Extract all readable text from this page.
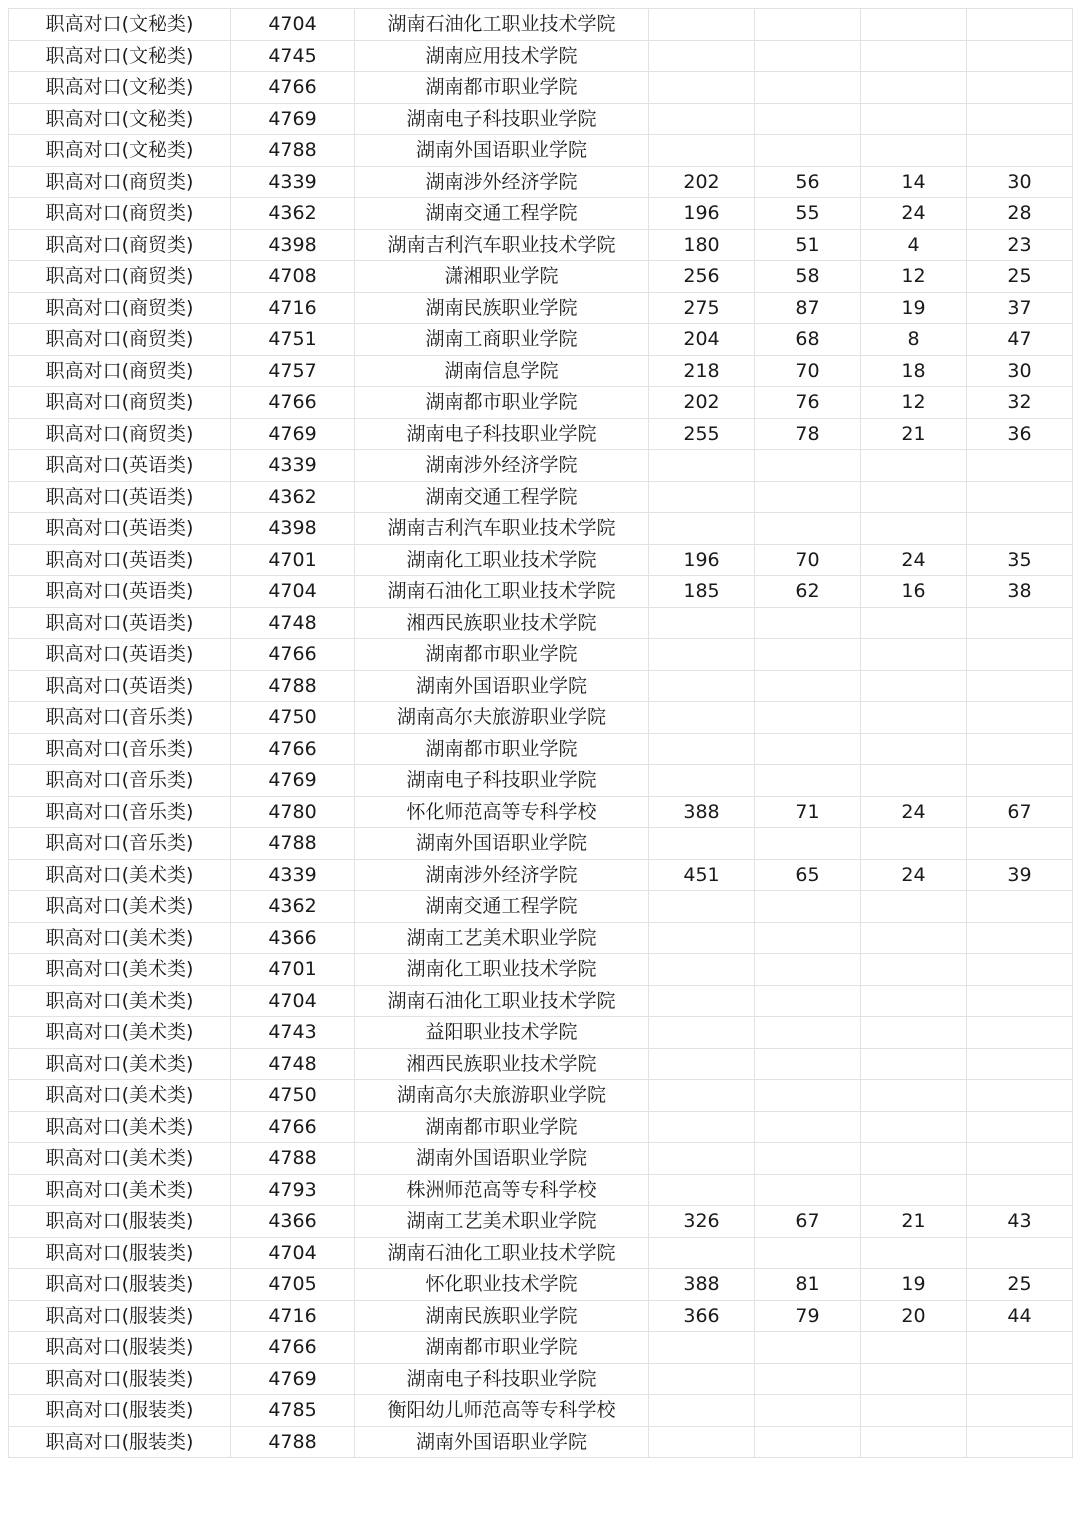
职高对口(文秘类)	4704	湖南石油化工职业技术学院				
职高对口(文秘类)	4745	湖南应用技术学院				
职高对口(文秘类)	4766	湖南都市职业学院				
职高对口(文秘类)	4769	湖南电子科技职业学院				
职高对口(文秘类)	4788	湖南外国语职业学院				
职高对口(商贸类)	4339	湖南涉外经济学院	202	56	14	30
职高对口(商贸类)	4362	湖南交通工程学院	196	55	24	28
职高对口(商贸类)	4398	湖南吉利汽车职业技术学院	180	51	4	23
职高对口(商贸类)	4708	潇湘职业学院	256	58	12	25
职高对口(商贸类)	4716	湖南民族职业学院	275	87	19	37
职高对口(商贸类)	4751	湖南工商职业学院	204	68	8	47
职高对口(商贸类)	4757	湖南信息学院	218	70	18	30
职高对口(商贸类)	4766	湖南都市职业学院	202	76	12	32
职高对口(商贸类)	4769	湖南电子科技职业学院	255	78	21	36
职高对口(英语类)	4339	湖南涉外经济学院				
职高对口(英语类)	4362	湖南交通工程学院				
职高对口(英语类)	4398	湖南吉利汽车职业技术学院				
职高对口(英语类)	4701	湖南化工职业技术学院	196	70	24	35
职高对口(英语类)	4704	湖南石油化工职业技术学院	185	62	16	38
职高对口(英语类)	4748	湘西民族职业技术学院				
职高对口(英语类)	4766	湖南都市职业学院				
职高对口(英语类)	4788	湖南外国语职业学院				
职高对口(音乐类)	4750	湖南高尔夫旅游职业学院				
职高对口(音乐类)	4766	湖南都市职业学院				
职高对口(音乐类)	4769	湖南电子科技职业学院				
职高对口(音乐类)	4780	怀化师范高等专科学校	388	71	24	67
职高对口(音乐类)	4788	湖南外国语职业学院				
职高对口(美术类)	4339	湖南涉外经济学院	451	65	24	39
职高对口(美术类)	4362	湖南交通工程学院				
职高对口(美术类)	4366	湖南工艺美术职业学院				
职高对口(美术类)	4701	湖南化工职业技术学院				
职高对口(美术类)	4704	湖南石油化工职业技术学院				
职高对口(美术类)	4743	益阳职业技术学院				
职高对口(美术类)	4748	湘西民族职业技术学院				
职高对口(美术类)	4750	湖南高尔夫旅游职业学院				
职高对口(美术类)	4766	湖南都市职业学院				
职高对口(美术类)	4788	湖南外国语职业学院				
职高对口(美术类)	4793	株洲师范高等专科学校				
职高对口(服装类)	4366	湖南工艺美术职业学院	326	67	21	43
职高对口(服装类)	4704	湖南石油化工职业技术学院				
职高对口(服装类)	4705	怀化职业技术学院	388	81	19	25
职高对口(服装类)	4716	湖南民族职业学院	366	79	20	44
职高对口(服装类)	4766	湖南都市职业学院				
职高对口(服装类)	4769	湖南电子科技职业学院				
职高对口(服装类)	4785	衡阳幼儿师范高等专科学校				
职高对口(服装类)	4788	湖南外国语职业学院				
